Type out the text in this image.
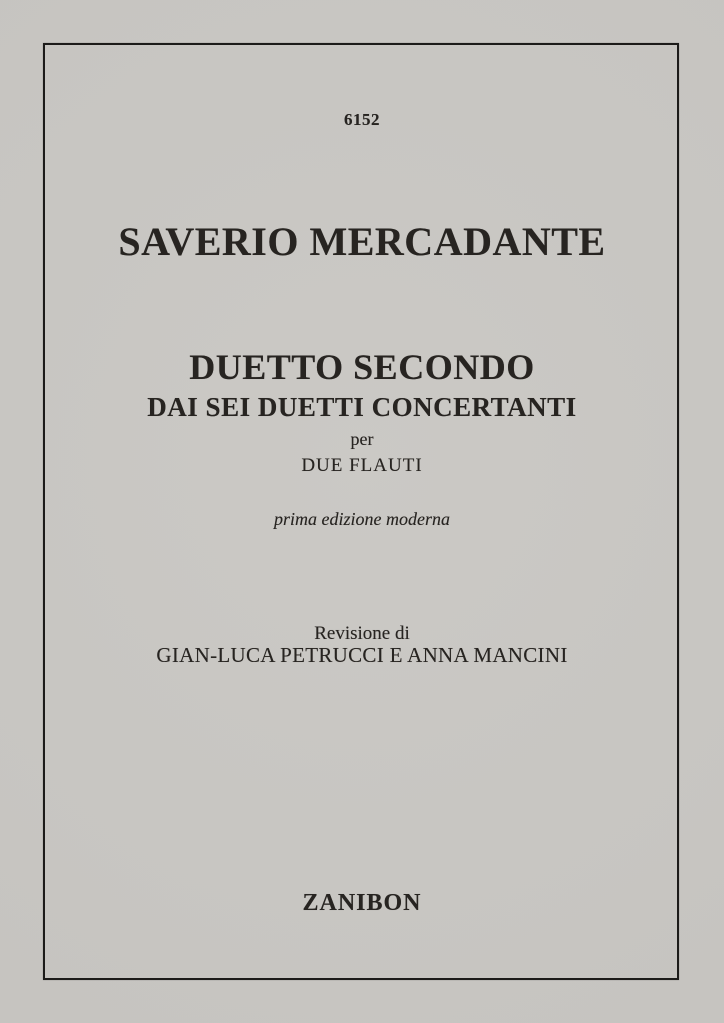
6152
SAVERIO MERCADANTE
DUETTO SECONDO
DAI SEI DUETTI CONCERTANTI
per
DUE FLAUTI
prima edizione moderna
Revisione di
GIAN-LUCA PETRUCCI E ANNA MANCINI
ZANIBON
